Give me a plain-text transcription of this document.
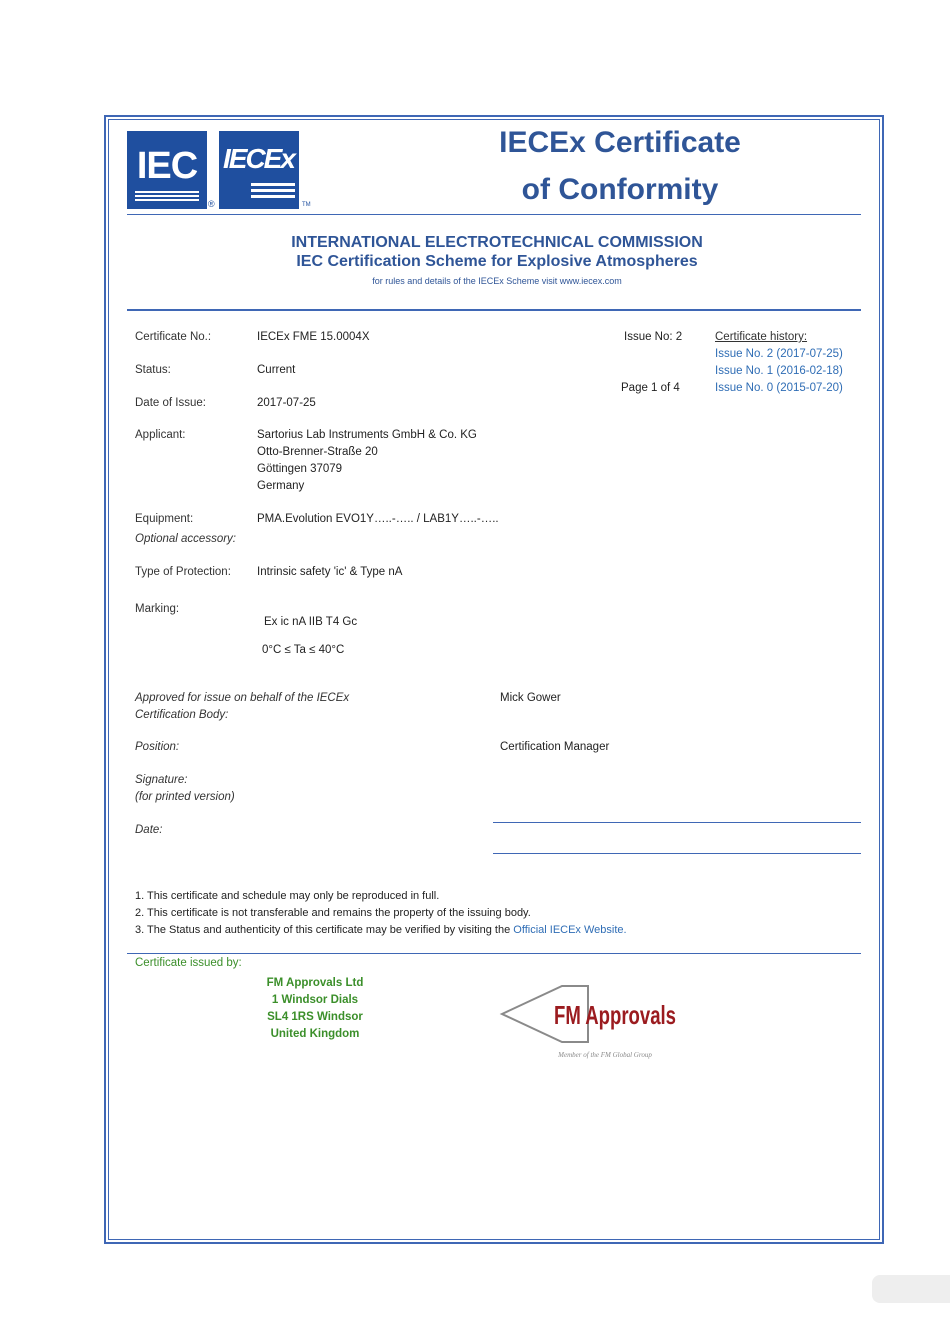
IEC
®
IECEx
TM
IECEx Certificate
of Conformity
INTERNATIONAL ELECTROTECHNICAL COMMISSION
IEC Certification Scheme for Explosive Atmospheres
for rules and details of the IECEx Scheme visit www.iecex.com
Certificate No.:	IECEx FME 15.0004X	Issue No: 2	Certificate history:
Issue No. 2 (2017-07-25)
Issue No. 1 (2016-02-18)
Issue No. 0 (2015-07-20)
Status:	Current
Page 1 of 4
Date of Issue:	2017-07-25
Applicant:	Sartorius Lab Instruments GmbH & Co. KG
Otto-Brenner-Straße 20
Göttingen 37079
Germany
Equipment:	PMA.Evolution EVO1Y…..-….. / LAB1Y…..-…..
Optional accessory:
Type of Protection: Intrinsic safety 'ic' & Type nA
Marking:
Ex ic nA IIB T4 Gc
0°C ≤ Ta ≤ 40°C
Approved for issue on behalf of the IECEx
Certification Body:
Mick Gower
Position:	Certification Manager
Signature:
(for printed version)
Date:
1. This certificate and schedule may only be reproduced in full.
2. This certificate is not transferable and remains the property of the issuing body.
3. The Status and authenticity of this certificate may be verified by visiting the Official IECEx Website.
Certificate issued by:
FM Approvals Ltd
1 Windsor Dials
SL4 1RS Windsor
United Kingdom
FM Approvals
Member of the FM Global Group
